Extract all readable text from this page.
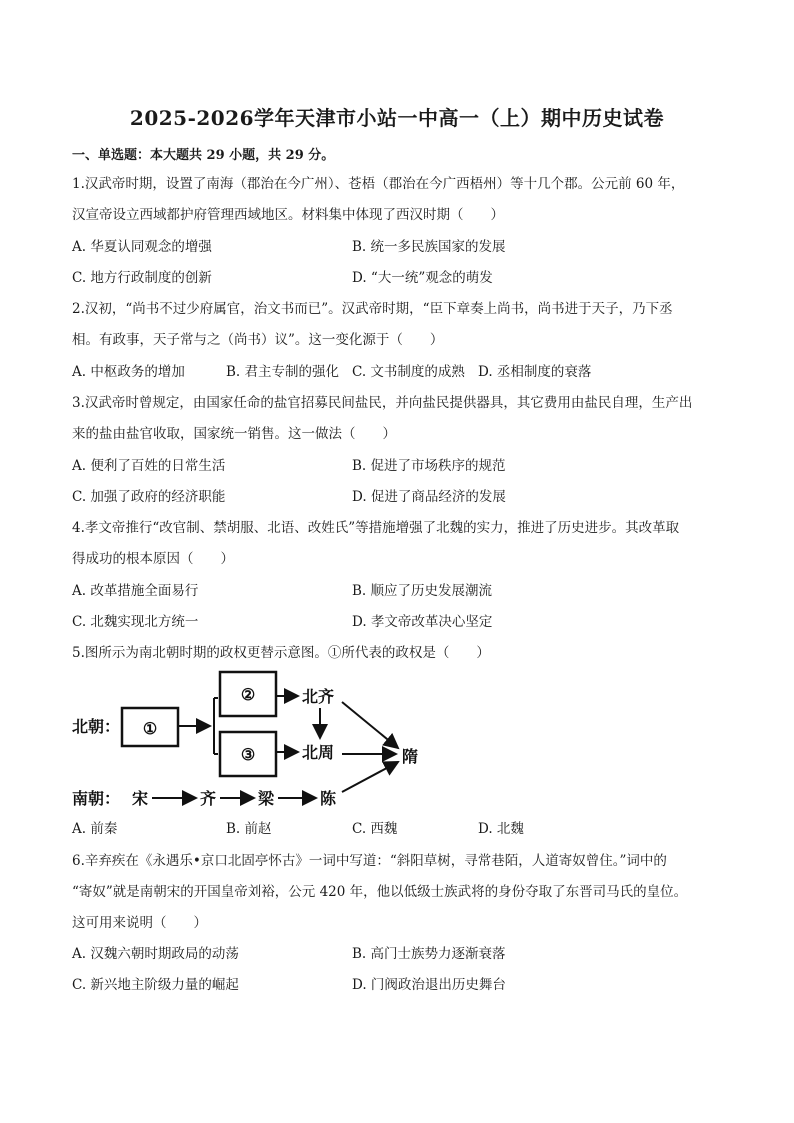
2025-2026学年天津市小站一中高一（上）期中历史试卷
一、单选题：本大题共 29 小题，共 29 分。
1.汉武帝时期，设置了南海（郡治在今广州）、苍梧（郡治在今广西梧州）等十几个郡。公元前 60 年，
汉宣帝设立西域都护府管理西域地区。材料集中体现了西汉时期（　　）
A. 华夏认同观念的增强	B. 统一多民族国家的发展
C. 地方行政制度的创新	D. “大一统”观念的萌发
2.汉初，“尚书不过少府属官，治文书而已”。汉武帝时期，“臣下章奏上尚书，尚书进于天子，乃下丞
相。有政事，天子常与之（尚书）议”。这一变化源于（　　）
A. 中枢政务的增加	B. 君主专制的强化 C. 文书制度的成熟 D. 丞相制度的衰落
3.汉武帝时曾规定，由国家任命的盐官招募民间盐民，并向盐民提供器具，其它费用由盐民自理，生产出
来的盐由盐官收取，国家统一销售。这一做法（　　）
A. 便利了百姓的日常生活	B. 促进了市场秩序的规范
C. 加强了政府的经济职能	D. 促进了商品经济的发展
4.孝文帝推行“改官制、禁胡服、北语、改姓氏”等措施增强了北魏的实力，推进了历史进步。其改革取
得成功的根本原因（　　）
A. 改革措施全面易行	B. 顺应了历史发展潮流
C. 北魏实现北方统一	D. 孝文帝改革决心坚定
5.图所示为南北朝时期的政权更替示意图。①所代表的政权是（　　）
北朝： ①
②
③
北齐
北周	隋
南朝： 宋	齐	梁	陈
A. 前秦	B. 前赵	C. 西魏	D. 北魏
6.辛弃疾在《永遇乐•京口北固亭怀古》一词中写道：“斜阳草树，寻常巷陌，人道寄奴曾住。”词中的
“寄奴”就是南朝宋的开国皇帝刘裕，公元 420 年，他以低级士族武将的身份夺取了东晋司马氏的皇位。
这可用来说明（　　）
A. 汉魏六朝时期政局的动荡	B. 高门士族势力逐渐衰落
C. 新兴地主阶级力量的崛起	D. 门阀政治退出历史舞台
